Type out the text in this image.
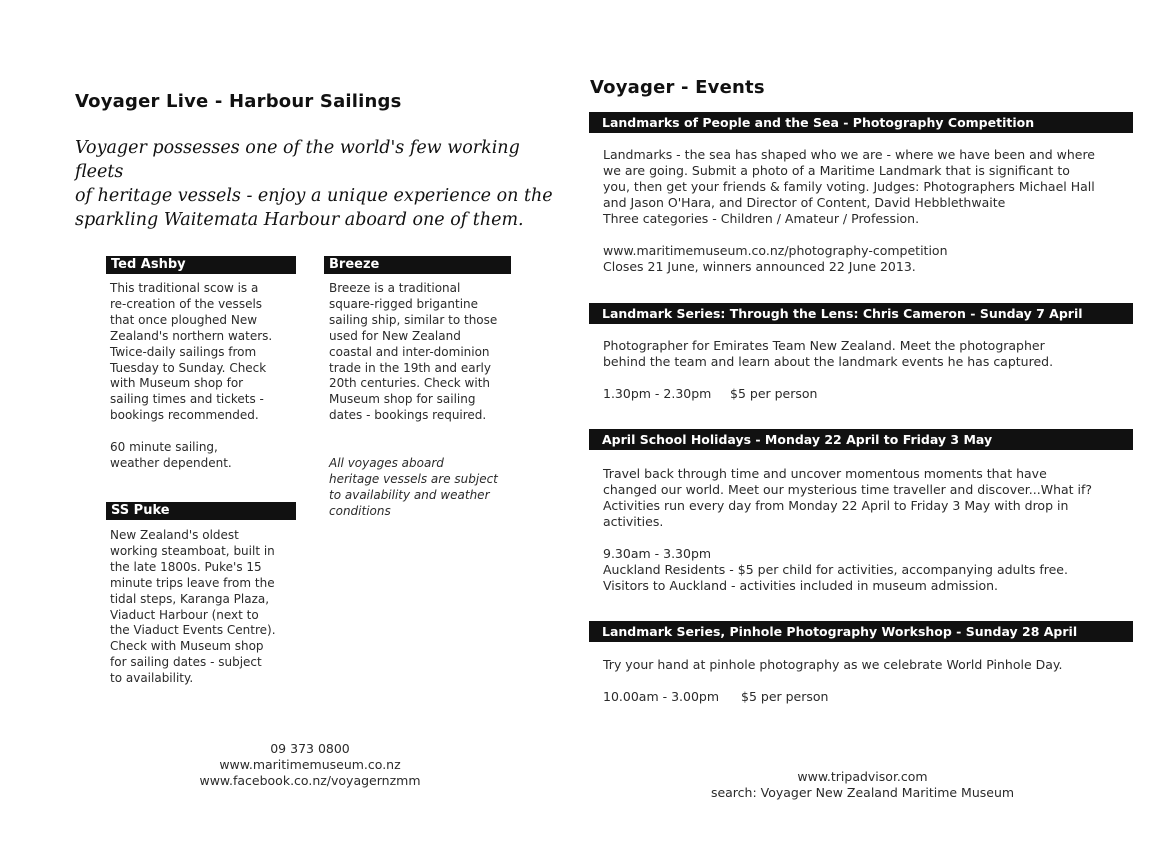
Voyager Live - Harbour Sailings
Voyager possesses one of the world's few working fleets
of heritage vessels - enjoy a unique experience on the
sparkling Waitemata Harbour aboard one of them.
Ted Ashby
This traditional scow is a
re-creation of the vessels
that once ploughed New
Zealand's northern waters.
Twice-daily sailings from
Tuesday to Sunday. Check
with Museum shop for
sailing times and tickets -
bookings recommended.

60 minute sailing,
weather dependent.
SS Puke
New Zealand's oldest
working steamboat, built in
the late 1800s. Puke's 15
minute trips leave from the
tidal steps, Karanga Plaza,
Viaduct Harbour (next to
the Viaduct Events Centre).
Check with Museum shop
for sailing dates - subject
to availability.
Breeze
Breeze is a traditional
square-rigged brigantine
sailing ship, similar to those
used for New Zealand
coastal and inter-dominion
trade in the 19th and early
20th centuries. Check with
Museum shop for sailing
dates - bookings required.
All voyages aboard
heritage vessels are subject
to availability and weather
conditions
09 373 0800
www.maritimemuseum.co.nz
www.facebook.co.nz/voyagernzmm
Voyager - Events
Landmarks of People and the Sea - Photography Competition
Landmarks - the sea has shaped who we are - where we have been and where
we are going. Submit a photo of a Maritime Landmark that is significant to
you, then get your friends & family voting. Judges: Photographers Michael Hall
and Jason O'Hara, and Director of Content, David Hebblethwaite
Three categories - Children / Amateur / Profession.

www.maritimemuseum.co.nz/photography-competition
Closes 21 June, winners announced 22 June 2013.
Landmark Series: Through the Lens: Chris Cameron - Sunday 7 April
Photographer for Emirates Team New Zealand. Meet the photographer
behind the team and learn about the landmark events he has captured.
1.30pm - 2.30pm $5 per person
April School Holidays - Monday 22 April to Friday 3 May
Travel back through time and uncover momentous moments that have
changed our world. Meet our mysterious time traveller and discover...What if?
Activities run every day from Monday 22 April to Friday 3 May with drop in
activities.

9.30am - 3.30pm
Auckland Residents - $5 per child for activities, accompanying adults free.
Visitors to Auckland - activities included in museum admission.
Landmark Series, Pinhole Photography Workshop - Sunday 28 April
Try your hand at pinhole photography as we celebrate World Pinhole Day.
10.00am - 3.00pm $5 per person
www.tripadvisor.com
search: Voyager New Zealand Maritime Museum
